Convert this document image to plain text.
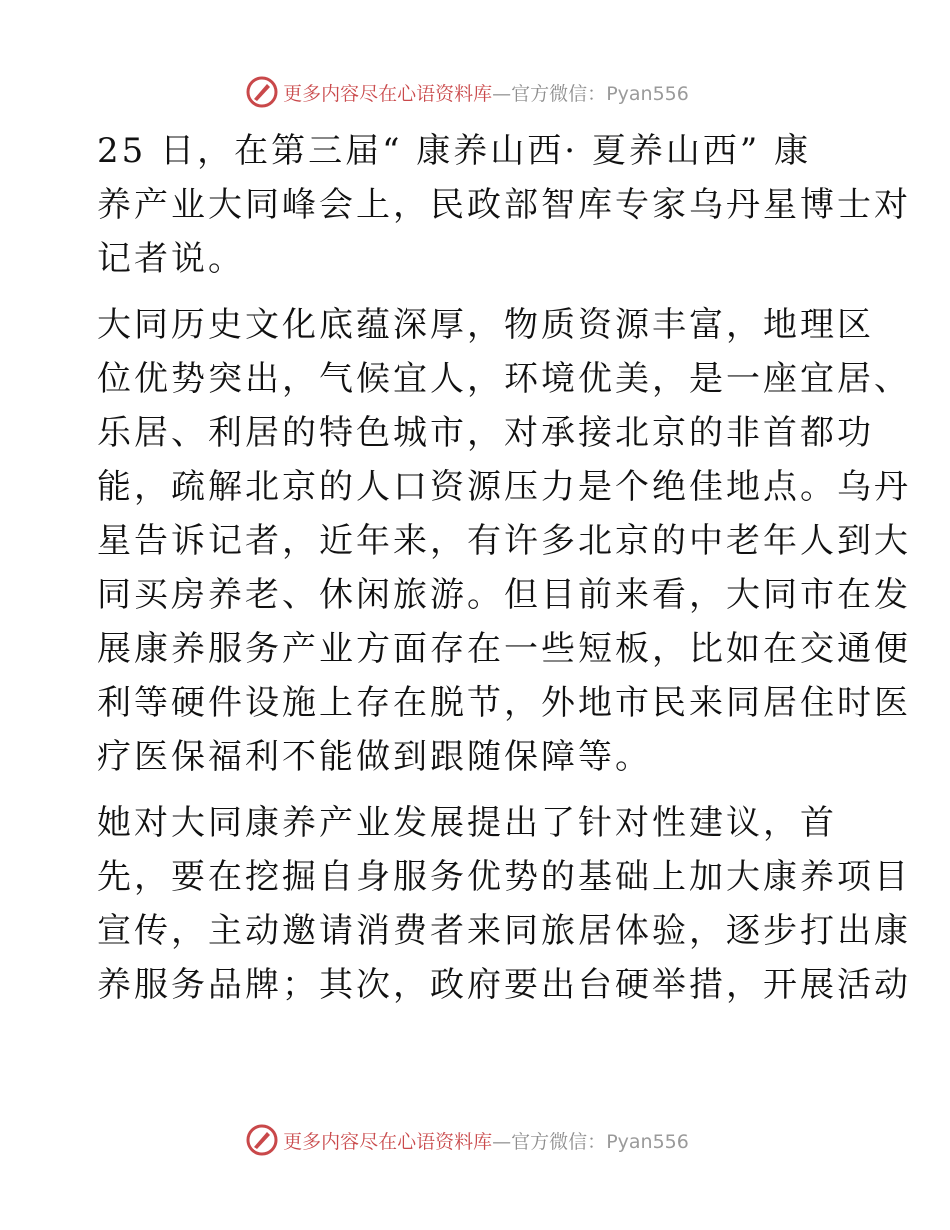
更多内容尽在心语资料库—官方微信：Pyan556

25 日，在第三届“ 康养山西· 夏养山西” 康
养产业大同峰会上，民政部智库专家乌丹星博士对
记者说。

大同历史文化底蕴深厚，物质资源丰富，地理区
位优势突出，气候宜人，环境优美，是一座宜居、
乐居、利居的特色城市，对承接北京的非首都功
能，疏解北京的人口资源压力是个绝佳地点。乌丹
星告诉记者，近年来，有许多北京的中老年人到大
同买房养老、休闲旅游。但目前来看，大同市在发
展康养服务产业方面存在一些短板，比如在交通便
利等硬件设施上存在脱节，外地市民来同居住时医
疗医保福利不能做到跟随保障等。

她对大同康养产业发展提出了针对性建议，首
先，要在挖掘自身服务优势的基础上加大康养项目
宣传，主动邀请消费者来同旅居体验，逐步打出康
养服务品牌；其次，政府要出台硬举措，开展活动

更多内容尽在心语资料库—官方微信：Pyan556
